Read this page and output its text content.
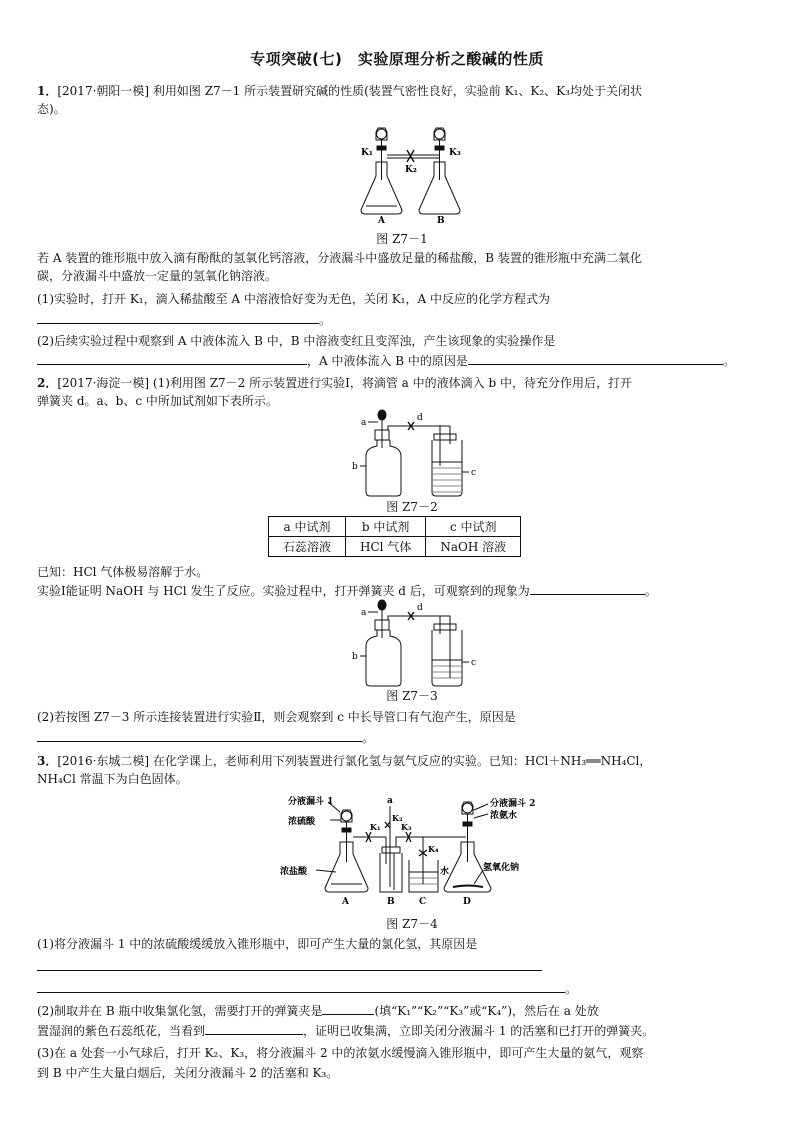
专项突破(七)　实验原理分析之酸碱的性质
1．[2017·朝阳一模] 利用如图 Z7－1 所示装置研究碱的性质(装置气密性良好，实验前 K₁、K₂、K₃均处于关闭状
态)。
K₁
K₂
K₃
A	B
图 Z7－1
若 A 装置的锥形瓶中放入滴有酚酞的氢氧化钙溶液，分液漏斗中盛放足量的稀盐酸，B 装置的锥形瓶中充满二氧化
碳，分液漏斗中盛放一定量的氢氧化钠溶液。
(1)实验时，打开 K₁，滴入稀盐酸至 A 中溶液恰好变为无色，关闭 K₁，A 中反应的化学方程式为
。
(2)后续实验过程中观察到 A 中液体流入 B 中，B 中溶液变红且变浑浊，产生该现象的实验操作是
，A 中液体流入 B 中的原因是	。
2．[2017·海淀一模] (1)利用图 Z7－2 所示装置进行实验Ⅰ，将滴管 a 中的液体滴入 b 中，待充分作用后，打开
弹簧夹 d。a、b、c 中所加试剂如下表所示。
a
b
c
d
图 Z7－2
a 中试剂	b 中试剂	c 中试剂
石蕊溶液	HCl 气体	NaOH 溶液
已知：HCl 气体极易溶解于水。
实验Ⅰ能证明 NaOH 与 HCl 发生了反应。实验过程中，打开弹簧夹 d 后，可观察到的现象为	。
a
b
c
d
图 Z7－3
(2)若按图 Z7－3 所示连接装置进行实验Ⅱ，则会观察到 c 中长导管口有气泡产生，原因是
。
3．[2016·东城二模] 在化学课上，老师利用下列装置进行氯化氢与氨气反应的实验。已知：HCl＋NH₃══NH₄Cl，
NH₄Cl 常温下为白色固体。
分液漏斗 1
浓硫酸
浓盐酸
分液漏斗 2
浓氨水
氢氧化钠
水
a
K₁
K₂
K₃
K₄
A	B	C	D
图 Z7－4
(1)将分液漏斗 1 中的浓硫酸缓缓放入锥形瓶中，即可产生大量的氯化氢，其原因是
。
(2)制取并在 B 瓶中收集氯化氢，需要打开的弹簧夹是	(填“K₁”“K₂”“K₃”或“K₄”)，然后在 a 处放
置湿润的紫色石蕊纸花，当看到	，证明已收集满，立即关闭分液漏斗 1 的活塞和已打开的弹簧夹。
(3)在 a 处套一小气球后，打开 K₂、K₃，将分液漏斗 2 中的浓氨水缓慢滴入锥形瓶中，即可产生大量的氨气，观察
到 B 中产生大量白烟后，关闭分液漏斗 2 的活塞和 K₃。
